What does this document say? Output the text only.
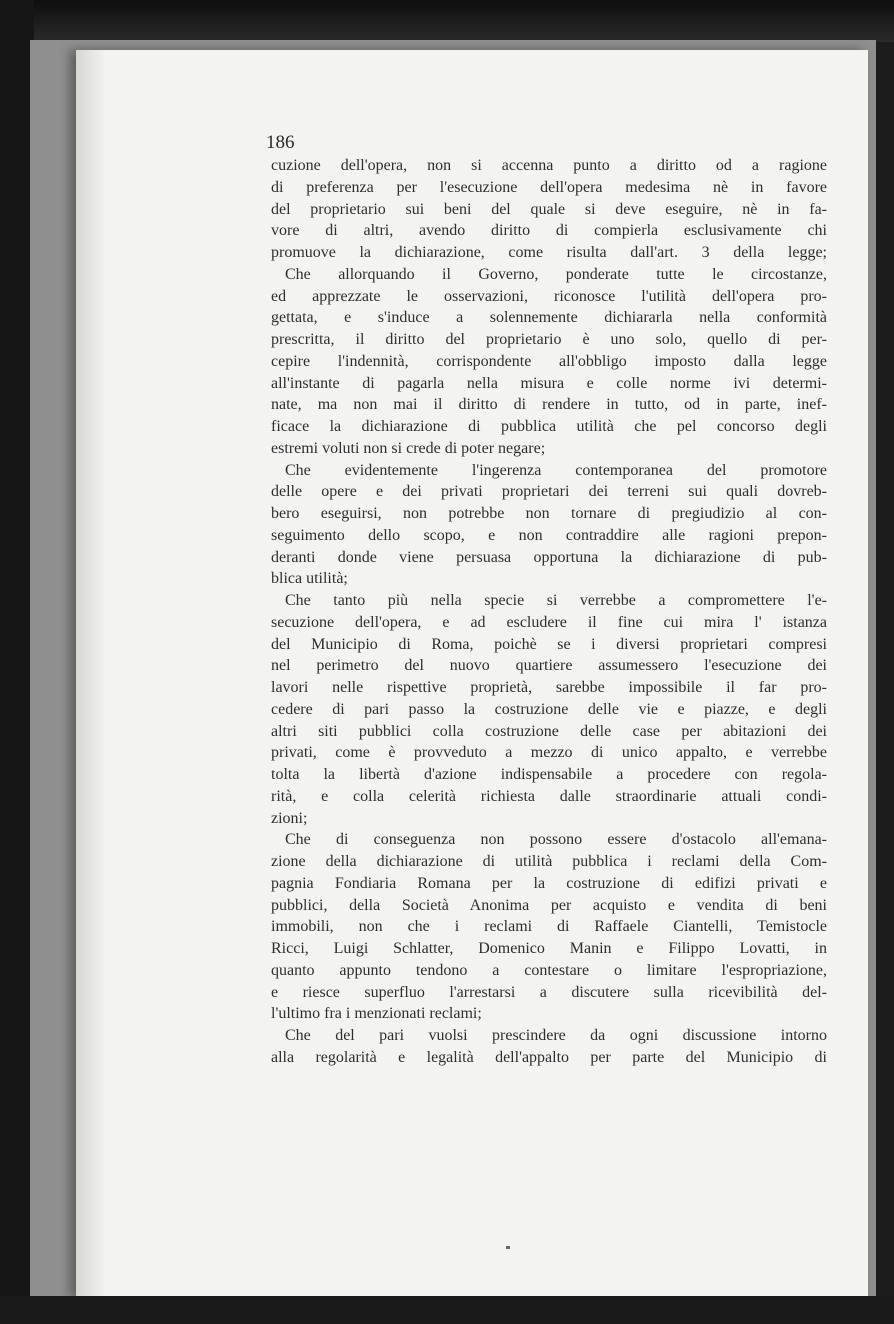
186

cuzione dell'opera, non si accenna punto a diritto od a ragione
di preferenza per l'esecuzione dell'opera medesima nè in favore
del proprietario sui beni del quale si deve eseguire, nè in fa-
vore di altri, avendo diritto di compierla esclusivamente chi
promuove la dichiarazione, come risulta dall'art. 3 della legge;
Che allorquando il Governo, ponderate tutte le circostanze,
ed apprezzate le osservazioni, riconosce l'utilità dell'opera pro-
gettata, e s'induce a solennemente dichiararla nella conformità
prescritta, il diritto del proprietario è uno solo, quello di per-
cepire l'indennità, corrispondente all'obbligo imposto dalla legge
all'instante di pagarla nella misura e colle norme ivi determi-
nate, ma non mai il diritto di rendere in tutto, od in parte, inef-
ficace la dichiarazione di pubblica utilità che pel concorso degli
estremi voluti non si crede di poter negare;
Che evidentemente l'ingerenza contemporanea del promotore
delle opere e dei privati proprietari dei terreni sui quali dovreb-
bero eseguirsi, non potrebbe non tornare di pregiudizio al con-
seguimento dello scopo, e non contraddire alle ragioni prepon-
deranti donde viene persuasa opportuna la dichiarazione di pub-
blica utilità;
Che tanto più nella specie si verrebbe a compromettere l'e-
secuzione dell'opera, e ad escludere il fine cui mira l' istanza
del Municipio di Roma, poichè se i diversi proprietari compresi
nel perimetro del nuovo quartiere assumessero l'esecuzione dei
lavori nelle rispettive proprietà, sarebbe impossibile il far pro-
cedere di pari passo la costruzione delle vie e piazze, e degli
altri siti pubblici colla costruzione delle case per abitazioni dei
privati, come è provveduto a mezzo di unico appalto, e verrebbe
tolta la libertà d'azione indispensabile a procedere con regola-
rità, e colla celerità richiesta dalle straordinarie attuali condi-
zioni;
Che di conseguenza non possono essere d'ostacolo all'emana-
zione della dichiarazione di utilità pubblica i reclami della Com-
pagnia Fondiaria Romana per la costruzione di edifizi privati e
pubblici, della Società Anonima per acquisto e vendita di beni
immobili, non che i reclami di Raffaele Ciantelli, Temistocle
Ricci, Luigi Schlatter, Domenico Manin e Filippo Lovatti, in
quanto appunto tendono a contestare o limitare l'espropriazione,
e riesce superfluo l'arrestarsi a discutere sulla ricevibilità del-
l'ultimo fra i menzionati reclami;
Che del pari vuolsi prescindere da ogni discussione intorno
alla regolarità e legalità dell'appalto per parte del Municipio di
